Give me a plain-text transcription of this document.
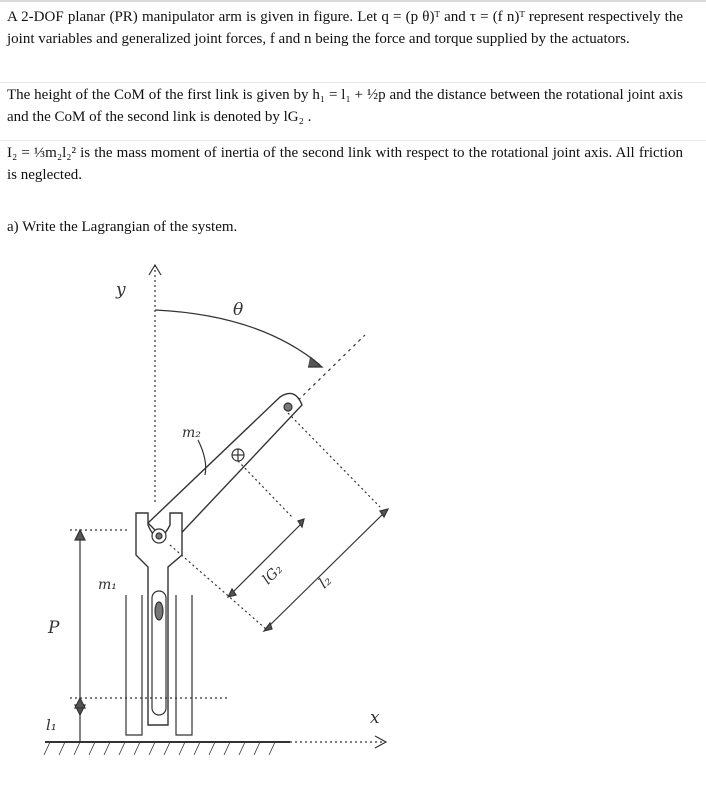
A 2-DOF planar (PR) manipulator arm is given in figure. Let q = (p θ)ᵀ and τ = (f n)ᵀ represent respectively the joint variables and generalized joint forces, f and n being the force and torque supplied by the actuators.

The height of the CoM of the first link is given by h₁ = l₁ + ½p and the distance between the rotational joint axis and the CoM of the second link is denoted by lG₂ .

I₂ = ⅓m₂l₂² is the mass moment of inertia of the second link with respect to the rotational joint axis. All friction is neglected.

a) Write the Lagrangian of the system.

y
θ
m₂
m₁
P
l₁
lG₂ l₂
x
